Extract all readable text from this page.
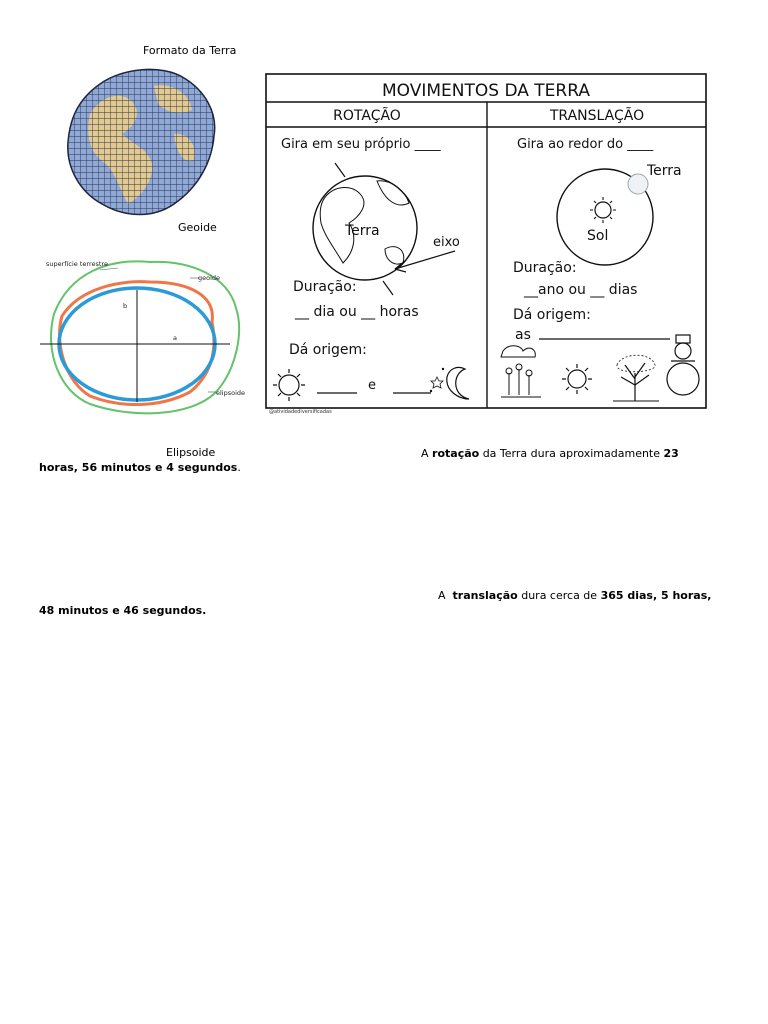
Formato da Terra
Geoide
superfície terrestre
geoide
elipsoide
b
a
MOVIMENTOS DA TERRA
ROTAÇÃO	TRANSLAÇÃO
Gira em seu próprio ____
Terra
eixo
Duração:
__ dia ou __ horas
Dá origem:
e
@atividadediversificadas
Gira ao redor do ____
Sol
Terra
Duração:
__ano ou __ dias
Dá origem:
as
Elipsoide	A rotação da Terra dura aproximadamente 23
horas, 56 minutos e 4 segundos.
A  translação dura cerca de 365 dias, 5 horas,
48 minutos e 46 segundos.
